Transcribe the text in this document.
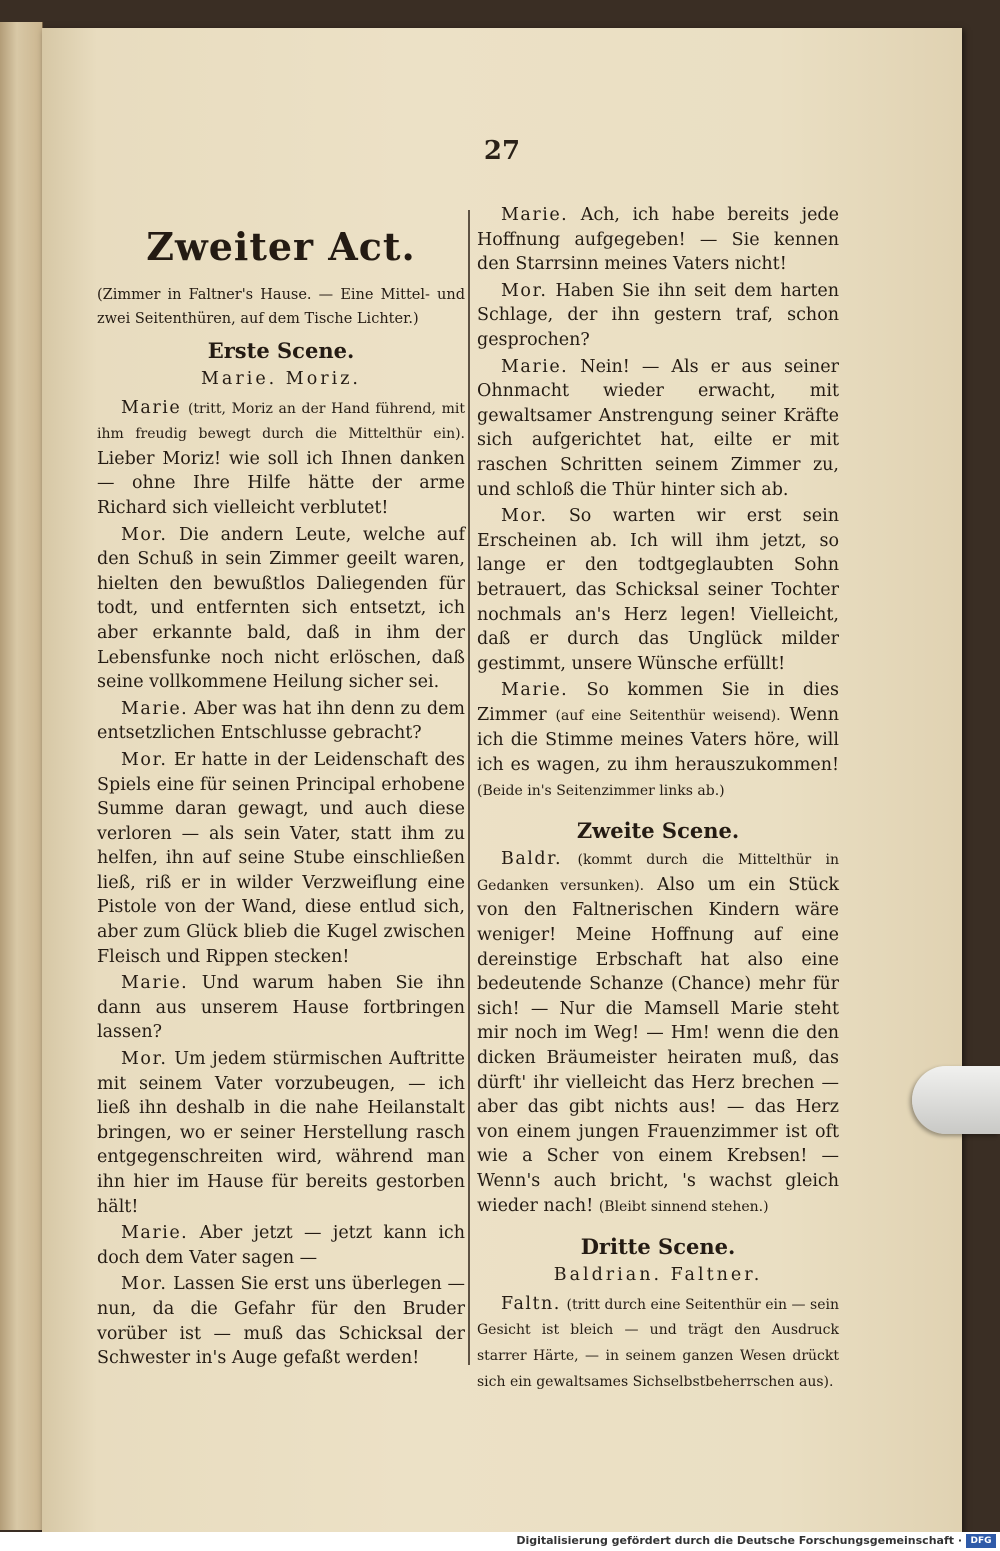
27
Zweiter Act.
(Zimmer in Faltner's Hause. — Eine Mittel- und zwei Seitenthüren, auf dem Tische Lichter.)
Erste Scene.
Marie. Moriz.

Marie (tritt, Moriz an der Hand führend, mit ihm freudig bewegt durch die Mittelthür ein). Lieber Moriz! wie soll ich Ihnen danken — ohne Ihre Hilfe hätte der arme Richard sich vielleicht verblutet!

Mor. Die andern Leute, welche auf den Schuß in sein Zimmer geeilt waren, hielten den bewußtlos Daliegenden für todt, und entfernten sich entsetzt, ich aber erkannte bald, daß in ihm der Lebensfunke noch nicht erlöschen, daß seine vollkommene Heilung sicher sei.

Marie. Aber was hat ihn denn zu dem entsetzlichen Entschlusse gebracht?

Mor. Er hatte in der Leidenschaft des Spiels eine für seinen Principal erhobene Summe daran gewagt, und auch diese verloren — als sein Vater, statt ihm zu helfen, ihn auf seine Stube einschließen ließ, riß er in wilder Verzweiflung eine Pistole von der Wand, diese entlud sich, aber zum Glück blieb die Kugel zwischen Fleisch und Rippen stecken!

Marie. Und warum haben Sie ihn dann aus unserem Hause fortbringen lassen?

Mor. Um jedem stürmischen Auftritte mit seinem Vater vorzubeugen, — ich ließ ihn deshalb in die nahe Heilanstalt bringen, wo er seiner Herstellung rasch entgegenschreiten wird, während man ihn hier im Hause für bereits gestorben hält!

Marie. Aber jetzt — jetzt kann ich doch dem Vater sagen —

Mor. Lassen Sie erst uns überlegen — nun, da die Gefahr für den Bruder vorüber ist — muß das Schicksal der Schwester in's Auge gefaßt werden!

Marie. Ach, ich habe bereits jede Hoffnung aufgegeben! — Sie kennen den Starrsinn meines Vaters nicht!

Mor. Haben Sie ihn seit dem harten Schlage, der ihn gestern traf, schon gesprochen?

Marie. Nein! — Als er aus seiner Ohnmacht wieder erwacht, mit gewaltsamer Anstrengung seiner Kräfte sich aufgerichtet hat, eilte er mit raschen Schritten seinem Zimmer zu, und schloß die Thür hinter sich ab.

Mor. So warten wir erst sein Erscheinen ab. Ich will ihm jetzt, so lange er den todtgeglaubten Sohn betrauert, das Schicksal seiner Tochter nochmals an's Herz legen! Vielleicht, daß er durch das Unglück milder gestimmt, unsere Wünsche erfüllt!

Marie. So kommen Sie in dies Zimmer (auf eine Seitenthür weisend). Wenn ich die Stimme meines Vaters höre, will ich es wagen, zu ihm herauszukommen! (Beide in's Seitenzimmer links ab.)

Zweite Scene.

Baldr. (kommt durch die Mittelthür in Gedanken versunken). Also um ein Stück von den Faltnerischen Kindern wäre weniger! Meine Hoffnung auf eine dereinstige Erbschaft hat also eine bedeutende Schanze (Chance) mehr für sich! — Nur die Mamsell Marie steht mir noch im Weg! — Hm! wenn die den dicken Bräumeister heiraten muß, das dürft' ihr vielleicht das Herz brechen — aber das gibt nichts aus! — das Herz von einem jungen Frauenzimmer ist oft wie a Scher von einem Krebsen! — Wenn's auch bricht, 's wachst gleich wieder nach! (Bleibt sinnend stehen.)

Dritte Scene.
Baldrian. Faltner.

Faltn. (tritt durch eine Seitenthür ein — sein Gesicht ist bleich — und trägt den Ausdruck starrer Härte, — in seinem ganzen Wesen drückt sich ein gewaltsames Sichselbstbeherrschen aus).

Digitalisierung gefördert durch die Deutsche Forschungsgemeinschaft · DFG
